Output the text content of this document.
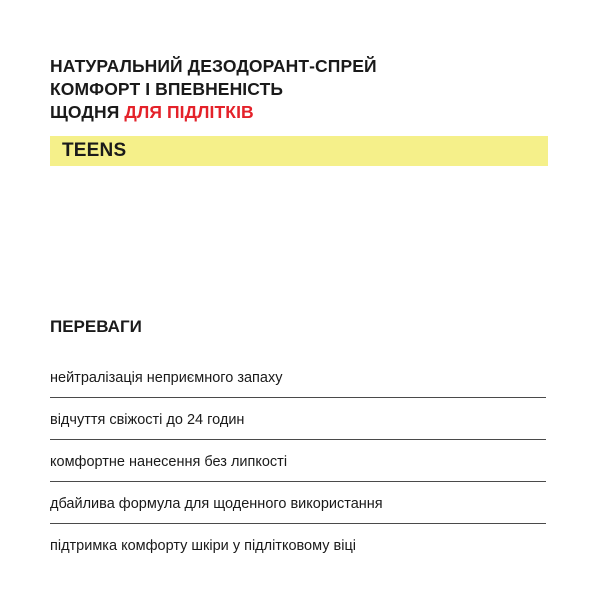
НАТУРАЛЬНИЙ ДЕЗОДОРАНТ-СПРЕЙ
КОМФОРТ І ВПЕВНЕНІСТЬ
ЩОДНЯ ДЛЯ ПІДЛІТКІВ
TEENS
ПЕРЕВАГИ
нейтралізація неприємного запаху
відчуття свіжості до 24 годин
комфортне нанесення без липкості
дбайлива формула для щоденного використання
підтримка комфорту шкіри у підлітковому віці
